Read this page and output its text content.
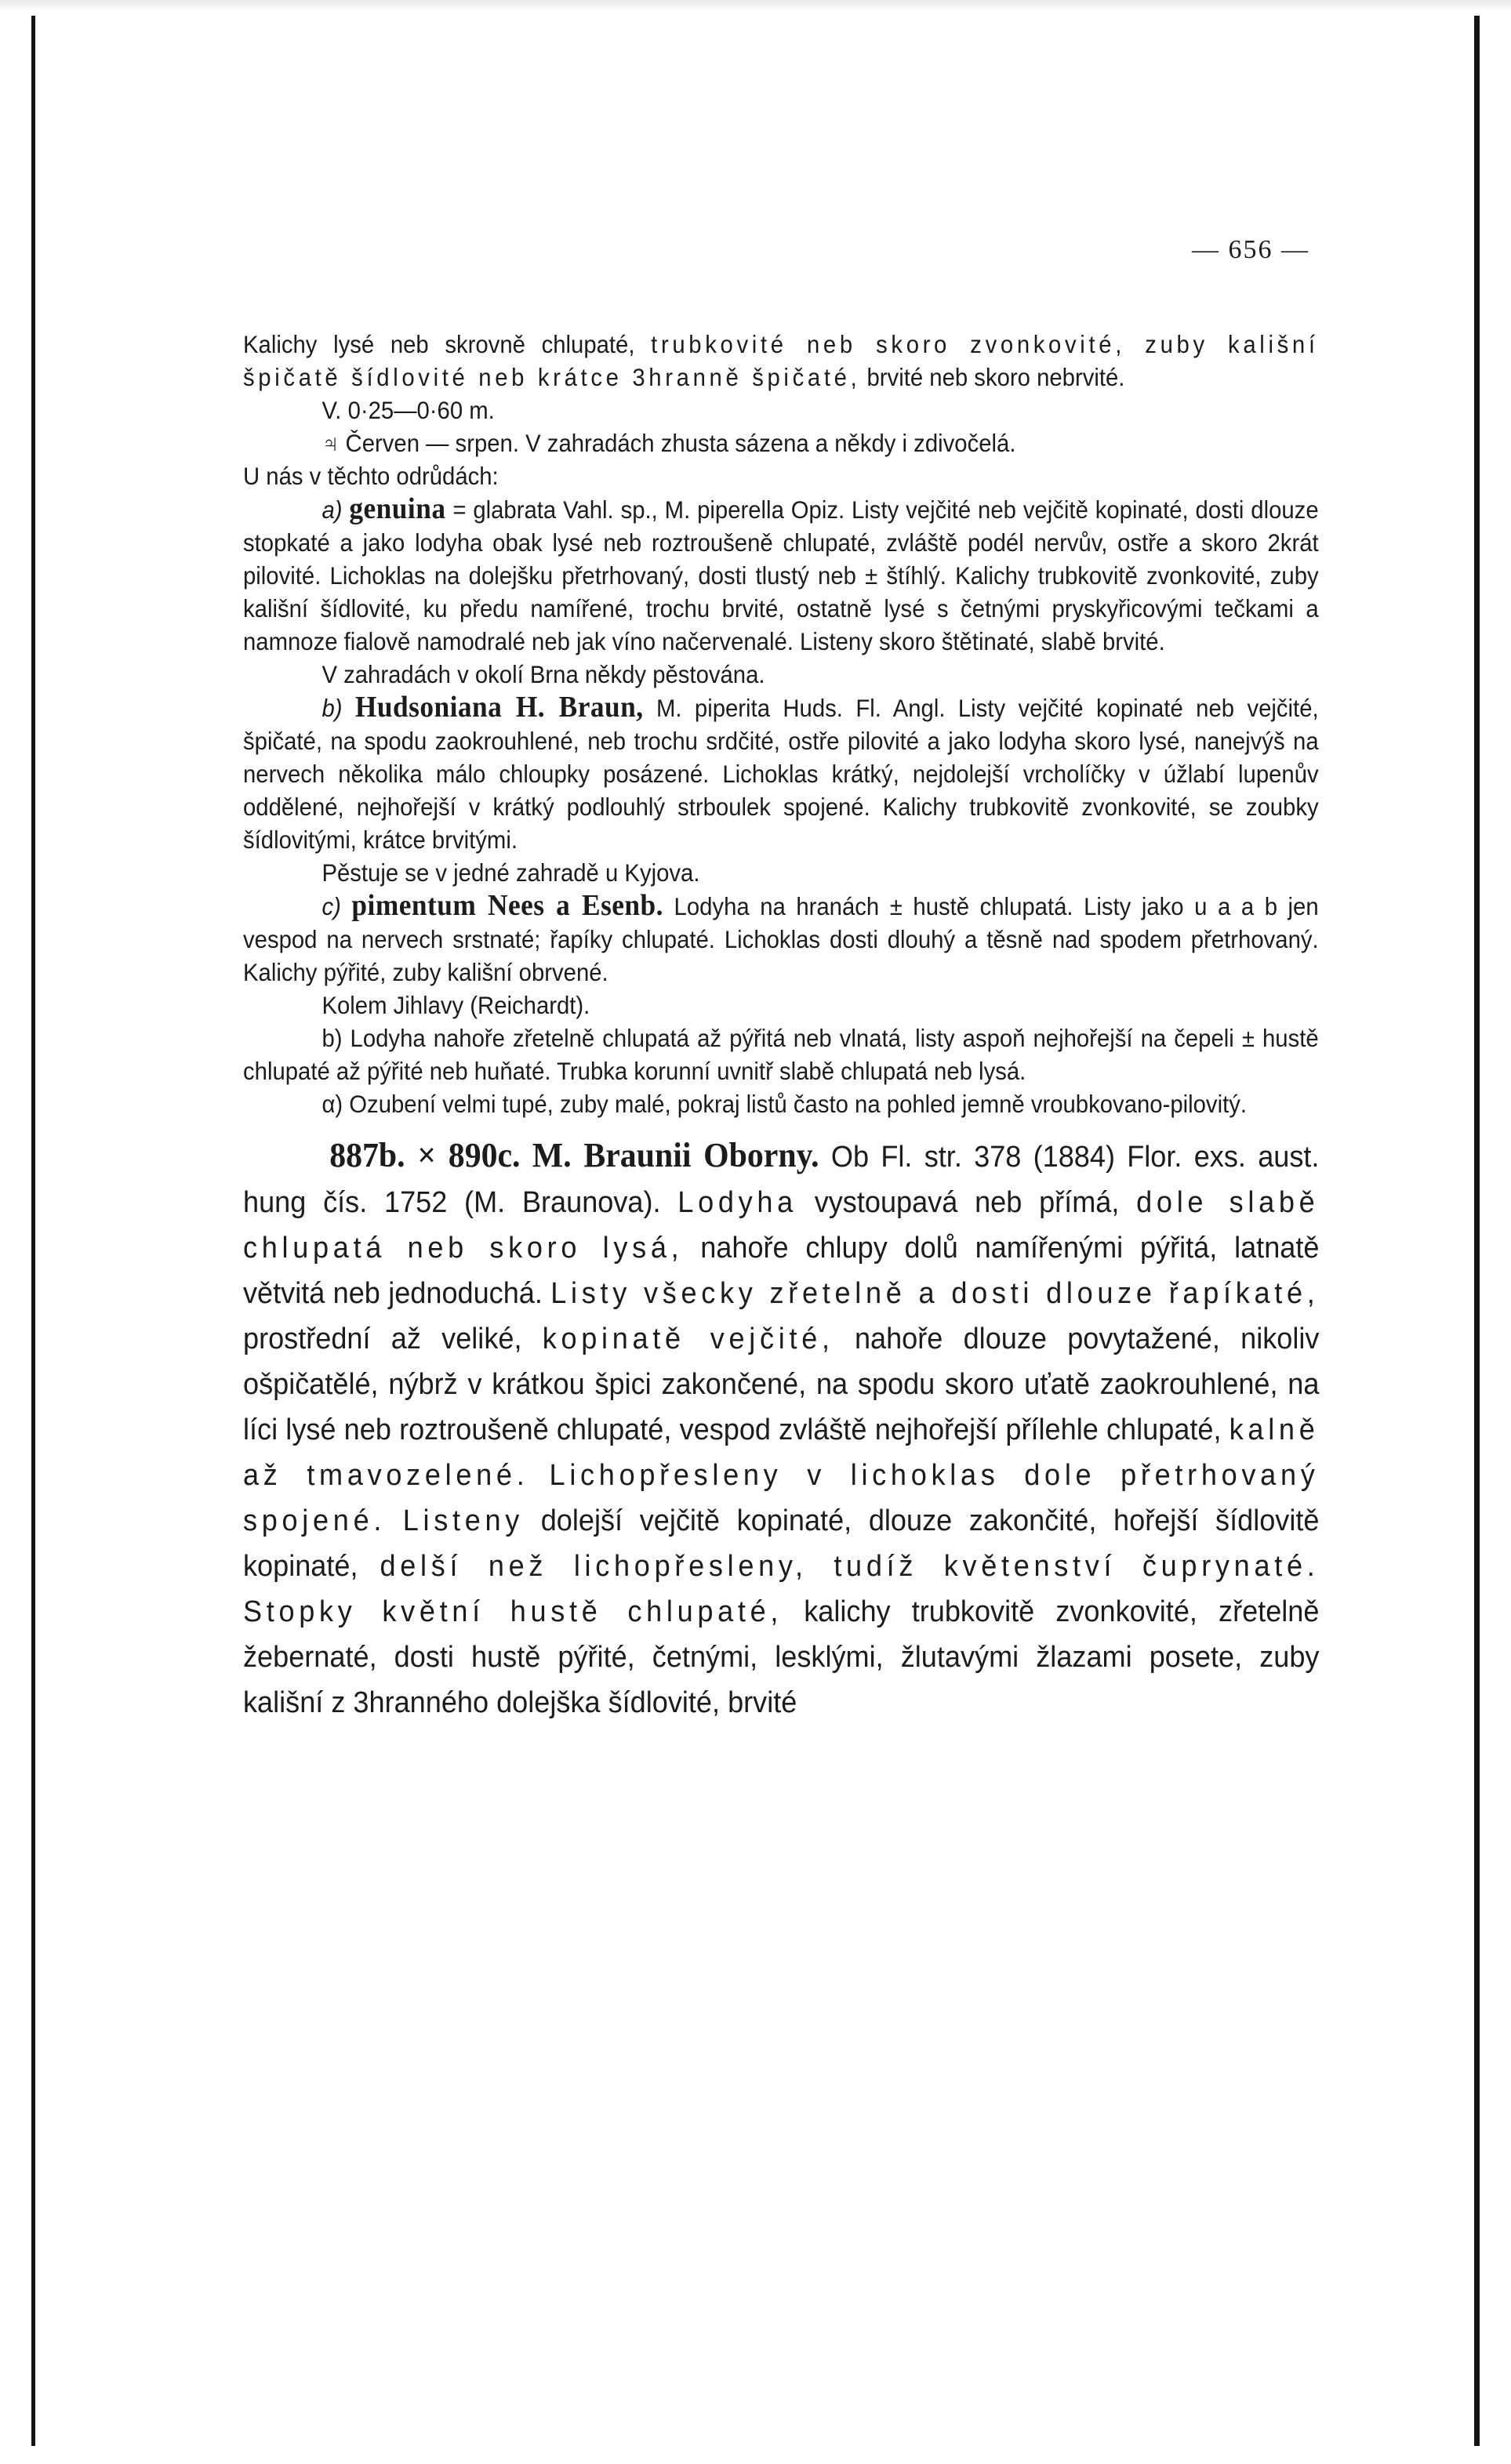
— 656 —

Kalichy lysé neb skrovně chlupaté, trubkovité neb skoro zvonkovité, zuby kališní špičatě šídlovité neb krátce 3hranně špičaté, brvité neb skoro nebrvité.

V. 0·25—0·60 m.

♃ Červen — srpen. V zahradách zhusta sázena a někdy i zdivočelá.

U nás v těchto odrůdách:

a) genuina = glabrata Vahl. sp., M. piperella Opiz. Listy vejčité neb vejčitě kopinaté, dosti dlouze stopkaté a jako lodyha obak lysé neb roztroušeně chlupaté, zvláště podél nervův, ostře a skoro 2krát pilovité. Lichoklas na dolejšku přetrhovaný, dosti tlustý neb ± štíhlý. Kalichy trubkovitě zvonkovité, zuby kališní šídlovité, ku předu namířené, trochu brvité, ostatně lysé s četnými pryskyřicovými tečkami a namnoze fialově namodralé neb jak víno načervenalé. Listeny skoro štětinaté, slabě brvité.

V zahradách v okolí Brna někdy pěstována.

b) Hudsoniana H. Braun, M. piperita Huds. Fl. Angl. Listy vejčité kopinaté neb vejčité, špičaté, na spodu zaokrouhlené, neb trochu srdčité, ostře pilovité a jako lodyha skoro lysé, nanejvýš na nervech několika málo chloupky posázené. Lichoklas krátký, nejdolejší vrcholíčky v úžlabí lupenův oddělené, nejhořejší v krátký podlouhlý strboulek spojené. Kalichy trubkovitě zvonkovité, se zoubky šídlovitými, krátce brvitými.

Pěstuje se v jedné zahradě u Kyjova.

c) pimentum Nees a Esenb. Lodyha na hranách ± hustě chlupatá. Listy jako u a a b jen vespod na nervech srstnaté; řapíky chlupaté. Lichoklas dosti dlouhý a těsně nad spodem přetrhovaný. Kalichy pýřité, zuby kališní obrvené.

Kolem Jihlavy (Reichardt).

b) Lodyha nahoře zřetelně chlupatá až pýřitá neb vlnatá, listy aspoň nejhořejší na čepeli ± hustě chlupaté až pýřité neb huňaté. Trubka korunní uvnitř slabě chlupatá neb lysá.

α) Ozubení velmi tupé, zuby malé, pokraj listů často na pohled jemně vroubkovano-pilovitý.

887b. × 890c. M. Braunii Oborny. Ob Fl. str. 378 (1884) Flor. exs. aust. hung čís. 1752 (M. Braunova). Lodyha vystoupavá neb přímá, dole slabě chlupatá neb skoro lysá, nahoře chlupy dolů namířenými pýřitá, latnatě větvitá neb jednoduchá. Listy všecky zřetelně a dosti dlouze řapíkaté, prostřední až veliké, kopinatě vejčité, nahoře dlouze povytažené, nikoliv ošpičatělé, nýbrž v krátkou špici zakončené, na spodu skoro uťatě zaokrouhlené, na líci lysé neb roztroušeně chlupaté, vespod zvláště nejhořejší přílehle chlupaté, kalně až tmavozelené. Lichopřesleny v lichoklas dole přetrhovaný spojené. Listeny dolejší vejčitě kopinaté, dlouze zakončité, hořejší šídlovitě kopinaté, delší než lichopřesleny, tudíž květenství čuprynaté. Stopky květní hustě chlupaté, kalichy trubkovitě zvonkovité, zřetelně žebernaté, dosti hustě pýřité, četnými, lesklými, žlutavými žlazami posete, zuby kališní z 3hranného dolejška šídlovité, brvité
